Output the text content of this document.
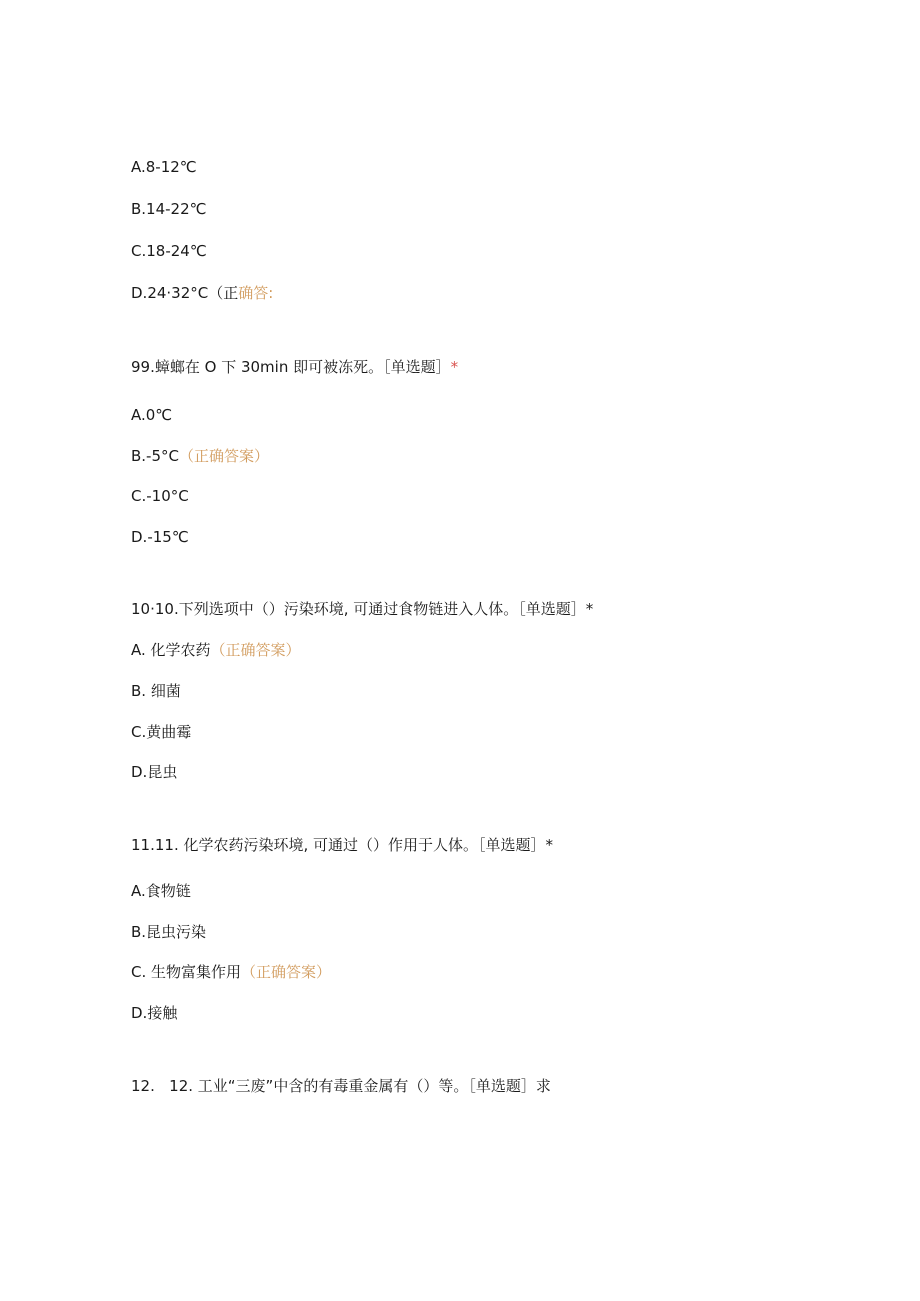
A.8-12℃
B.14-22℃
C.18-24℃
D.24·32°C（正确答:
99.蟑螂在 O 下 30min 即可被冻死。［单选题］*
A.0℃
B.-5°C（正确答案）
C.-10°C
D.-15℃
10·10.下列选项中（）污染环境, 可通过食物链进入人体。［单选题］*
A. 化学农药（正确答案）
B. 细菌
C.黄曲霉
D.昆虫
11.11. 化学农药污染环境, 可通过（）作用于人体。［单选题］*
A.食物链
B.昆虫污染
C. 生物富集作用（正确答案）
D.接触
12.   12. 工业“三废”中含的有毒重金属有（）等。［单选题］求
